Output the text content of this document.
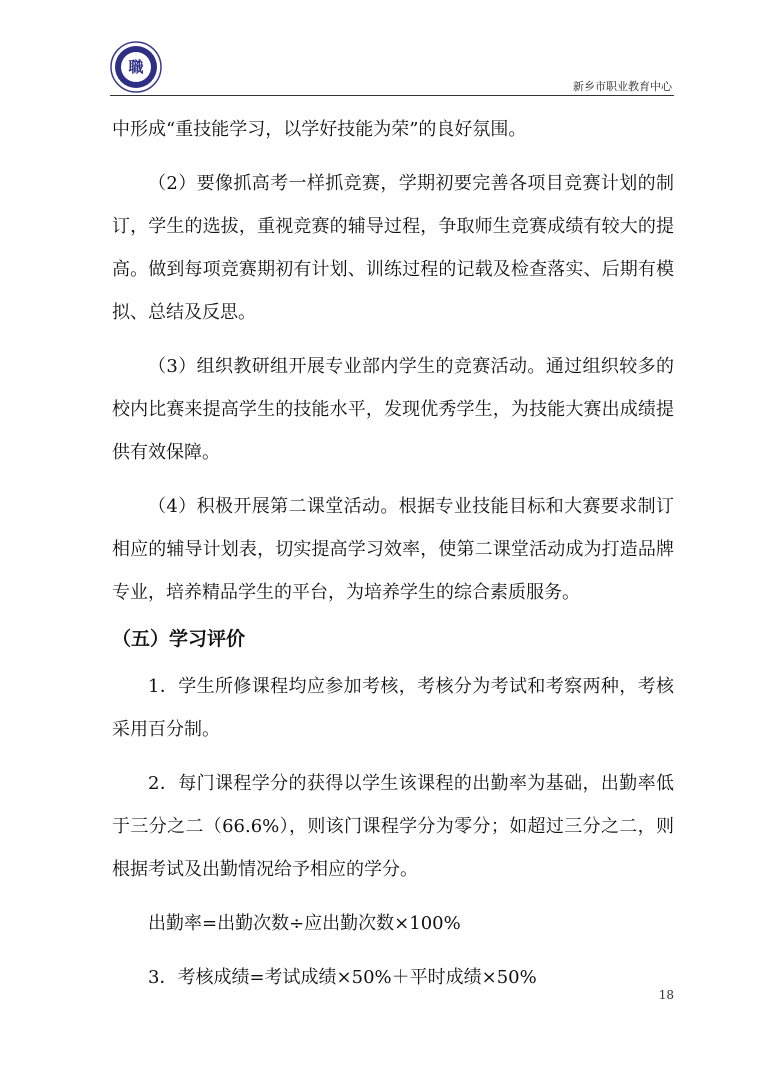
職
新乡市职业教育中心

中形成“重技能学习，以学好技能为荣”的良好氛围。

（2）要像抓高考一样抓竞赛，学期初要完善各项目竞赛计划的制订，学生的选拔，重视竞赛的辅导过程，争取师生竞赛成绩有较大的提高。做到每项竞赛期初有计划、训练过程的记载及检查落实、后期有模拟、总结及反思。

（3）组织教研组开展专业部内学生的竞赛活动。通过组织较多的校内比赛来提高学生的技能水平，发现优秀学生，为技能大赛出成绩提供有效保障。

（4）积极开展第二课堂活动。根据专业技能目标和大赛要求制订相应的辅导计划表，切实提高学习效率，使第二课堂活动成为打造品牌专业，培养精品学生的平台，为培养学生的综合素质服务。

（五）学习评价

1．学生所修课程均应参加考核，考核分为考试和考察两种，考核采用百分制。

2．每门课程学分的获得以学生该课程的出勤率为基础，出勤率低于三分之二（66.6%），则该门课程学分为零分；如超过三分之二，则根据考试及出勤情况给予相应的学分。

出勤率=出勤次数÷应出勤次数×100%

3．考核成绩=考试成绩×50%＋平时成绩×50%

18
